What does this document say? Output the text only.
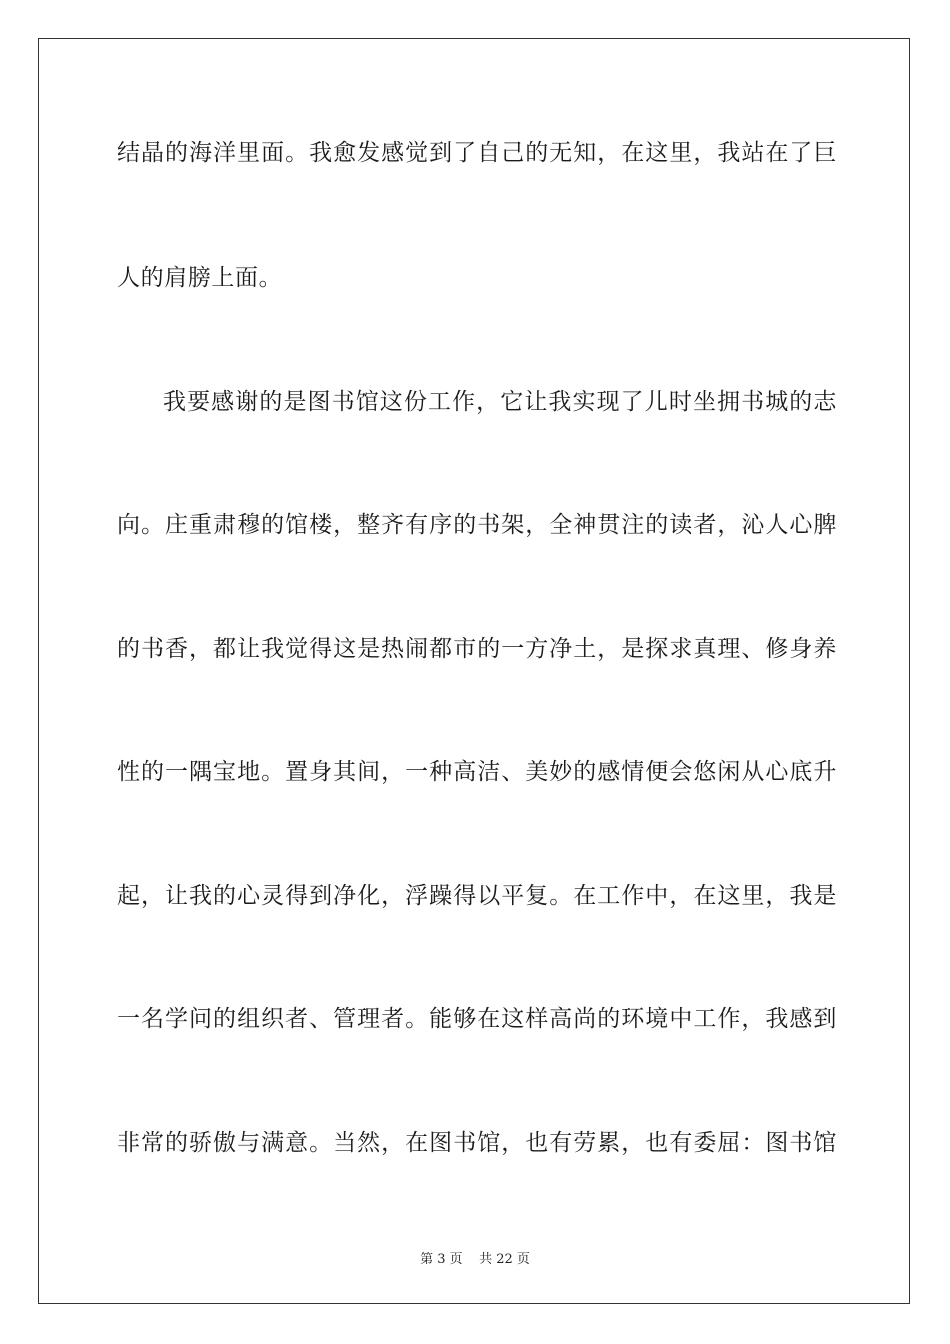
结晶的海洋里面。我愈发感觉到了自己的无知，在这里，我站在了巨
人的肩膀上面。
我要感谢的是图书馆这份工作，它让我实现了儿时坐拥书城的志
向。庄重肃穆的馆楼，整齐有序的书架，全神贯注的读者，沁人心脾
的书香，都让我觉得这是热闹都市的一方净土，是探求真理、修身养
性的一隅宝地。置身其间，一种高洁、美妙的感情便会悠闲从心底升
起，让我的心灵得到净化，浮躁得以平复。在工作中，在这里，我是
一名学问的组织者、管理者。能够在这样高尚的环境中工作，我感到
非常的骄傲与满意。当然，在图书馆，也有劳累，也有委屈：图书馆
第 3 页    共 22 页
